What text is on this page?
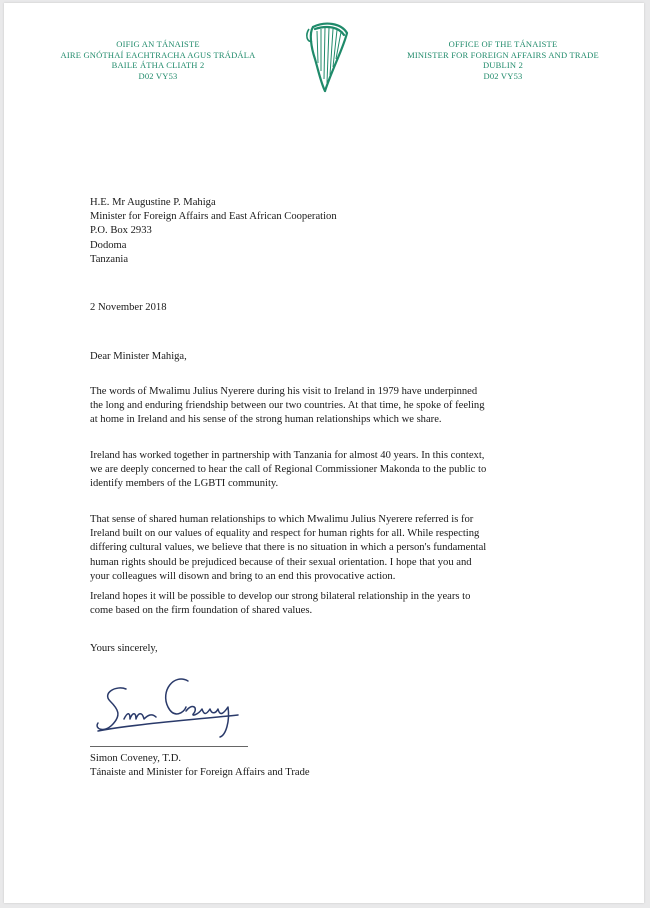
OIFIG AN TÁNAISTE
AIRE GNÓTHAÍ EACHTRACHA AGUS TRÁDÁLA
BAILE ÁTHA CLIATH 2
D02 VY53
OFFICE OF THE TÁNAISTE
MINISTER FOR FOREIGN AFFAIRS AND TRADE
DUBLIN 2
D02 VY53
H.E. Mr Augustine P. Mahiga
Minister for Foreign Affairs and East African Cooperation
P.O. Box 2933
Dodoma
Tanzania
2 November 2018
Dear Minister Mahiga,
The words of Mwalimu Julius Nyerere during his visit to Ireland in 1979 have underpinned
the long and enduring friendship between our two countries. At that time, he spoke of feeling
at home in Ireland and his sense of the strong human relationships which we share.
Ireland has worked together in partnership with Tanzania for almost 40 years. In this context,
we are deeply concerned to hear the call of Regional Commissioner Makonda to the public to
identify members of the LGBTI community.
That sense of shared human relationships to which Mwalimu Julius Nyerere referred is for
Ireland built on our values of equality and respect for human rights for all. While respecting
differing cultural values, we believe that there is no situation in which a person's fundamental
human rights should be prejudiced because of their sexual orientation. I hope that you and
your colleagues will disown and bring to an end this provocative action.
Ireland hopes it will be possible to develop our strong bilateral relationship in the years to
come based on the firm foundation of shared values.
Yours sincerely,
Simon Coveney, T.D.
Tánaiste and Minister for Foreign Affairs and Trade
